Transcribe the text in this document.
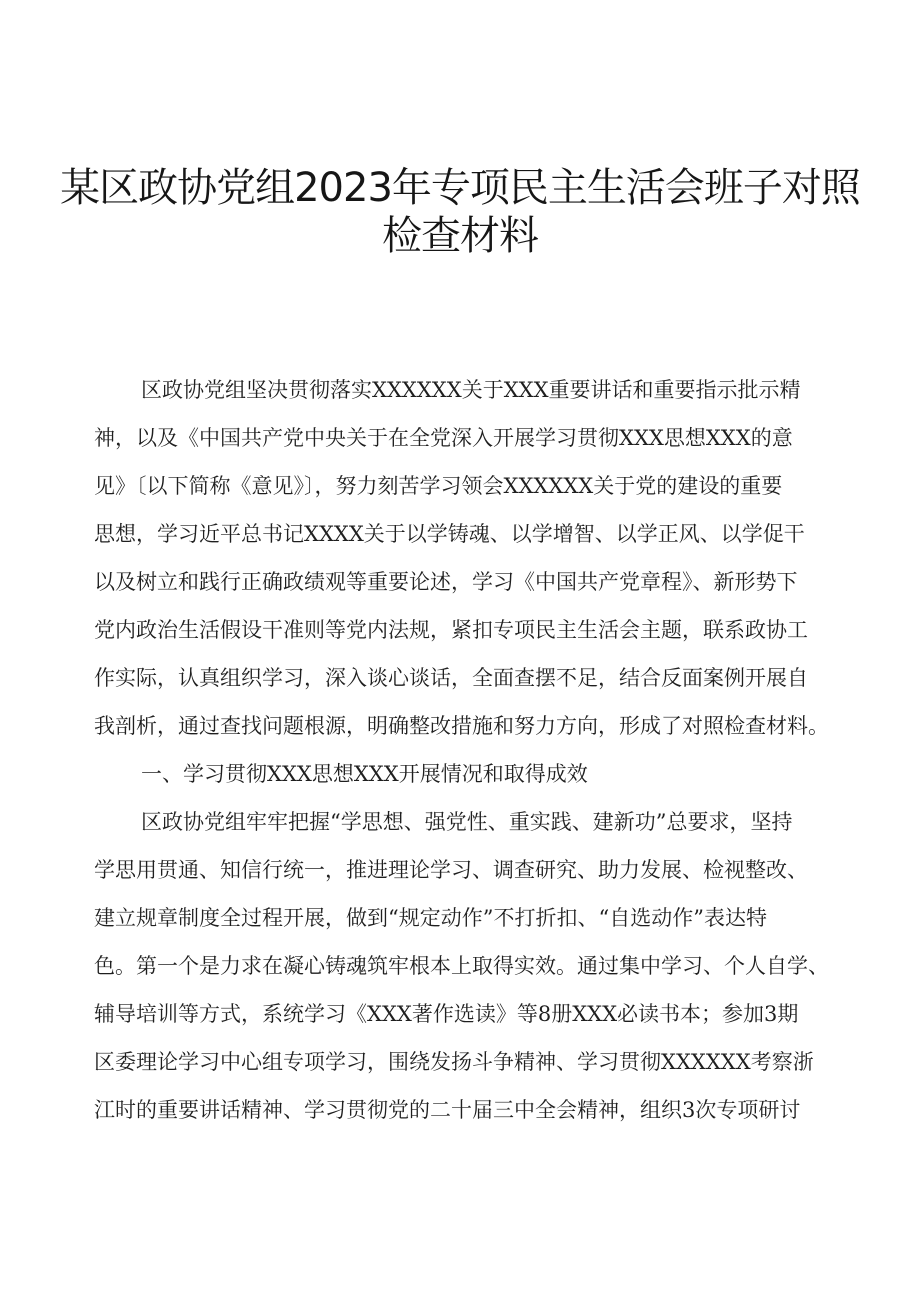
某区政协党组2023年专项民主生活会班子对照
检查材料
区政协党组坚决贯彻落实XXXXXX关于XXX重要讲话和重要指示批示精
神，以及《中国共产党中央关于在全党深入开展学习贯彻XXX思想XXX的意
见》〔以下简称《意见》〕，努力刻苦学习领会XXXXXX关于党的建设的重要
思想，学习近平总书记XXXX关于以学铸魂、以学增智、以学正风、以学促干
以及树立和践行正确政绩观等重要论述，学习《中国共产党章程》、新形势下
党内政治生活假设干准则等党内法规，紧扣专项民主生活会主题，联系政协工
作实际，认真组织学习，深入谈心谈话，全面查摆不足，结合反面案例开展自
我剖析，通过查找问题根源，明确整改措施和努力方向，形成了对照检查材料。
一、学习贯彻XXX思想XXX开展情况和取得成效
区政协党组牢牢把握“学思想、强党性、重实践、建新功”总要求，坚持
学思用贯通、知信行统一，推进理论学习、调查研究、助力发展、检视整改、
建立规章制度全过程开展，做到“规定动作”不打折扣、“自选动作”表达特
色。第一个是力求在凝心铸魂筑牢根本上取得实效。通过集中学习、个人自学、
辅导培训等方式，系统学习《XXX著作选读》等8册XXX必读书本；参加3期
区委理论学习中心组专项学习，围绕发扬斗争精神、学习贯彻XXXXXX考察浙
江时的重要讲话精神、学习贯彻党的二十届三中全会精神，组织3次专项研讨
